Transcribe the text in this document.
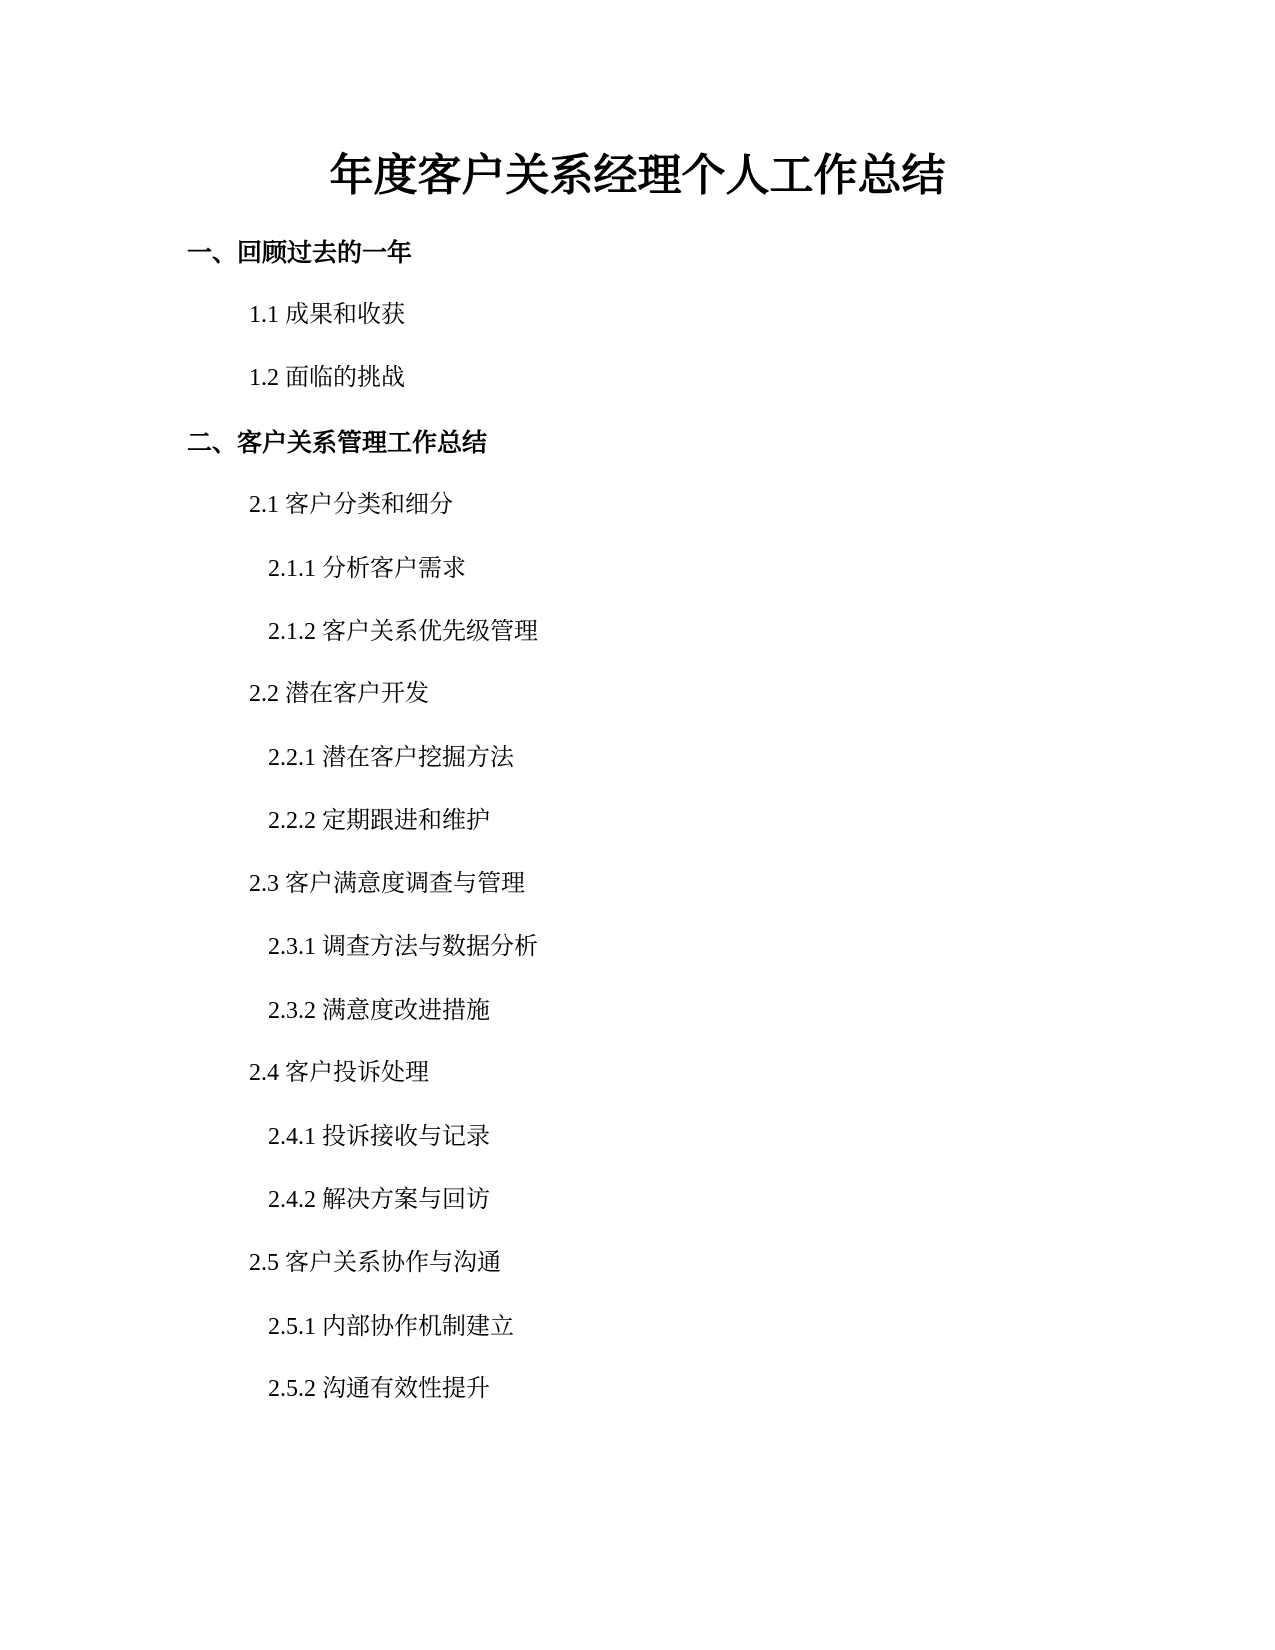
年度客户关系经理个人工作总结
一、回顾过去的一年
1.1 成果和收获
1.2 面临的挑战
二、客户关系管理工作总结
2.1 客户分类和细分
2.1.1 分析客户需求
2.1.2 客户关系优先级管理
2.2 潜在客户开发
2.2.1 潜在客户挖掘方法
2.2.2 定期跟进和维护
2.3 客户满意度调查与管理
2.3.1 调查方法与数据分析
2.3.2 满意度改进措施
2.4 客户投诉处理
2.4.1 投诉接收与记录
2.4.2 解决方案与回访
2.5 客户关系协作与沟通
2.5.1 内部协作机制建立
2.5.2 沟通有效性提升
